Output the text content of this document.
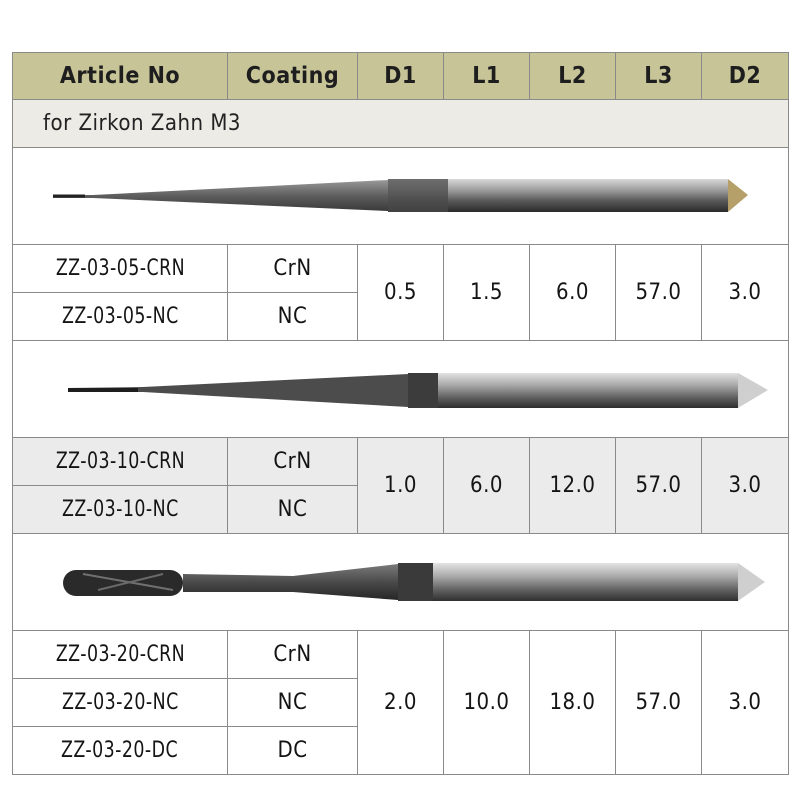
Article No	Coating	D1	L1	L2	L3	D2
for Zirkon Zahn M3						

ZZ-03-05-CRN	CrN	0.5	1.5	6.0	57.0	3.0
ZZ-03-05-NC	NC					

ZZ-03-10-CRN	CrN	1.0	6.0	12.0	57.0	3.0
ZZ-03-10-NC	NC					

ZZ-03-20-CRN	CrN	2.0	10.0	18.0	57.0	3.0
ZZ-03-20-NC	NC					
ZZ-03-20-DC	DC					
